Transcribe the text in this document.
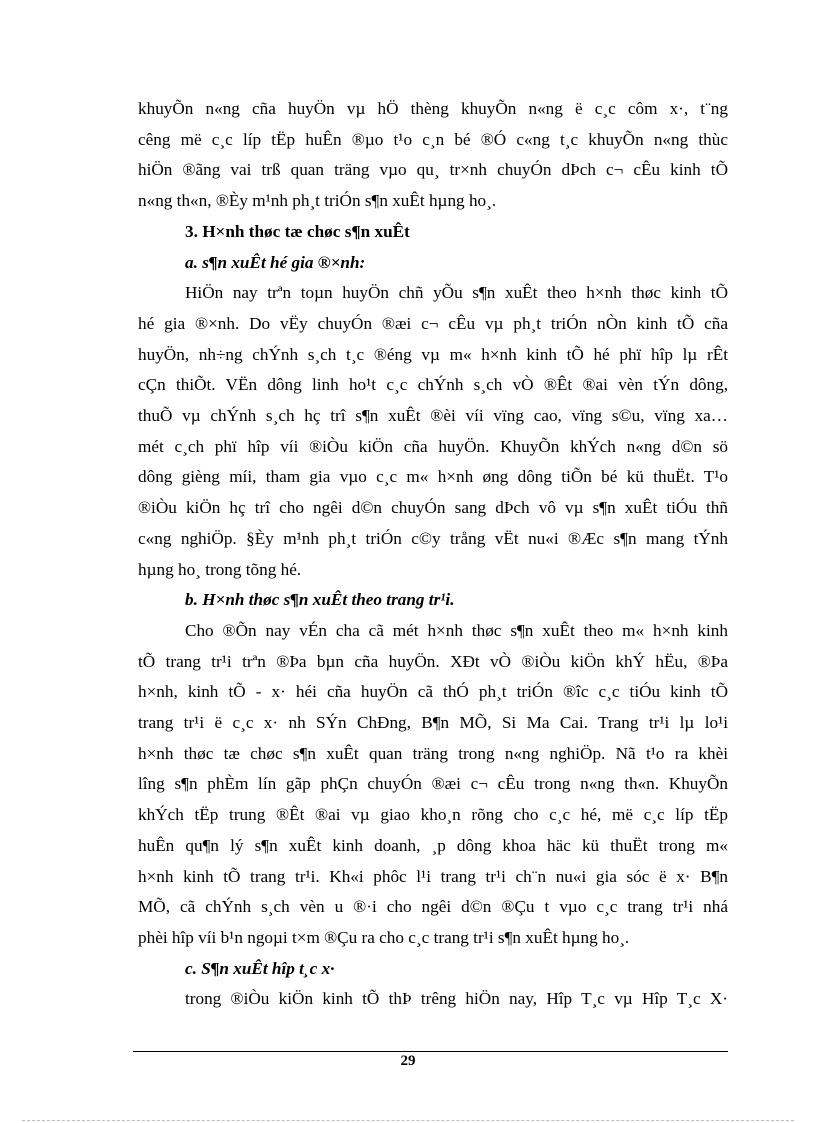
khuyÕn n«ng cña huyÖn vµ hÖ thèng khuyÕn n«ng ë c¸c côm x·, t¨ng
cêng më c¸c líp tËp huÊn ®µo t¹o c¸n bé ®Ó c«ng t¸c khuyÕn n«ng thùc
hiÖn ®ãng vai trß quan träng vµo qu¸ tr×nh chuyÓn dÞch c¬ cÊu kinh tÕ
n«ng th«n, ®Èy m¹nh ph¸t triÓn s¶n xuÊt hµng ho¸.
3. H×nh thøc tæ chøc s¶n xuÊt
a. s¶n xuÊt hé gia ®×nh:
HiÖn nay trªn toµn huyÖn chñ yÕu s¶n xuÊt theo h×nh thøc kinh tÕ
hé gia ®×nh. Do vËy chuyÓn ®æi c¬ cÊu vµ ph¸t triÓn nÒn kinh tÕ cña
huyÖn, nh÷ng chÝnh s¸ch t¸c ®éng vµ m« h×nh kinh tÕ hé phï hîp lµ rÊt
cÇn thiÕt. VËn dông linh ho¹t c¸c chÝnh s¸ch vÒ ®Êt ®ai vèn tÝn dông,
thuÕ vµ chÝnh s¸ch hç trî s¶n xuÊt ®èi víi vïng cao, vïng s©u, vïng xa…
mét c¸ch phï hîp víi ®iÒu kiÖn cña huyÖn. KhuyÕn khÝch n«ng d©n sö
dông gièng míi, tham gia vµo c¸c m« h×nh øng dông tiÕn bé kü thuËt. T¹o
®iÒu kiÖn hç trî cho ngêi d©n chuyÓn sang dÞch vô vµ s¶n xuÊt tiÓu thñ
c«ng nghiÖp. §Èy m¹nh ph¸t triÓn c©y trång vËt nu«i ®Æc s¶n mang tÝnh
hµng ho¸ trong tõng hé.
b. H×nh thøc s¶n xuÊt theo trang tr¹i.
Cho ®Õn nay vÉn cha cã mét h×nh thøc s¶n xuÊt theo m« h×nh kinh
tÕ trang tr¹i trªn ®Þa bµn cña huyÖn. XÐt vÒ ®iÒu kiÖn khÝ hËu, ®Þa
h×nh, kinh tÕ - x· héi cña huyÖn cã thÓ ph¸t triÓn ®îc c¸c tiÓu kinh tÕ
trang tr¹i ë c¸c x· nh SÝn ChÐng, B¶n MÕ, Si Ma Cai. Trang tr¹i lµ lo¹i
h×nh thøc tæ chøc s¶n xuÊt quan träng trong n«ng nghiÖp. Nã t¹o ra khèi
lîng s¶n phÈm lín gãp phÇn chuyÓn ®æi c¬ cÊu trong n«ng th«n. KhuyÕn
khÝch tËp trung ®Êt ®ai vµ giao kho¸n rõng cho c¸c hé, më c¸c líp tËp
huÊn qu¶n lý s¶n xuÊt kinh doanh, ¸p dông khoa häc kü thuËt trong m«
h×nh kinh tÕ trang tr¹i. Kh«i phôc l¹i trang tr¹i ch¨n nu«i gia sóc ë x· B¶n
MÕ, cã chÝnh s¸ch vèn u ®·i cho ngêi d©n ®Çu t vµo c¸c trang tr¹i nhá
phèi hîp víi b¹n ngoµi t×m ®Çu ra cho c¸c trang tr¹i s¶n xuÊt hµng ho¸.
c. S¶n xuÊt hîp t¸c x·
trong ®iÒu kiÖn kinh tÕ thÞ trêng hiÖn nay, Hîp T¸c vµ Hîp T¸c X·
29
